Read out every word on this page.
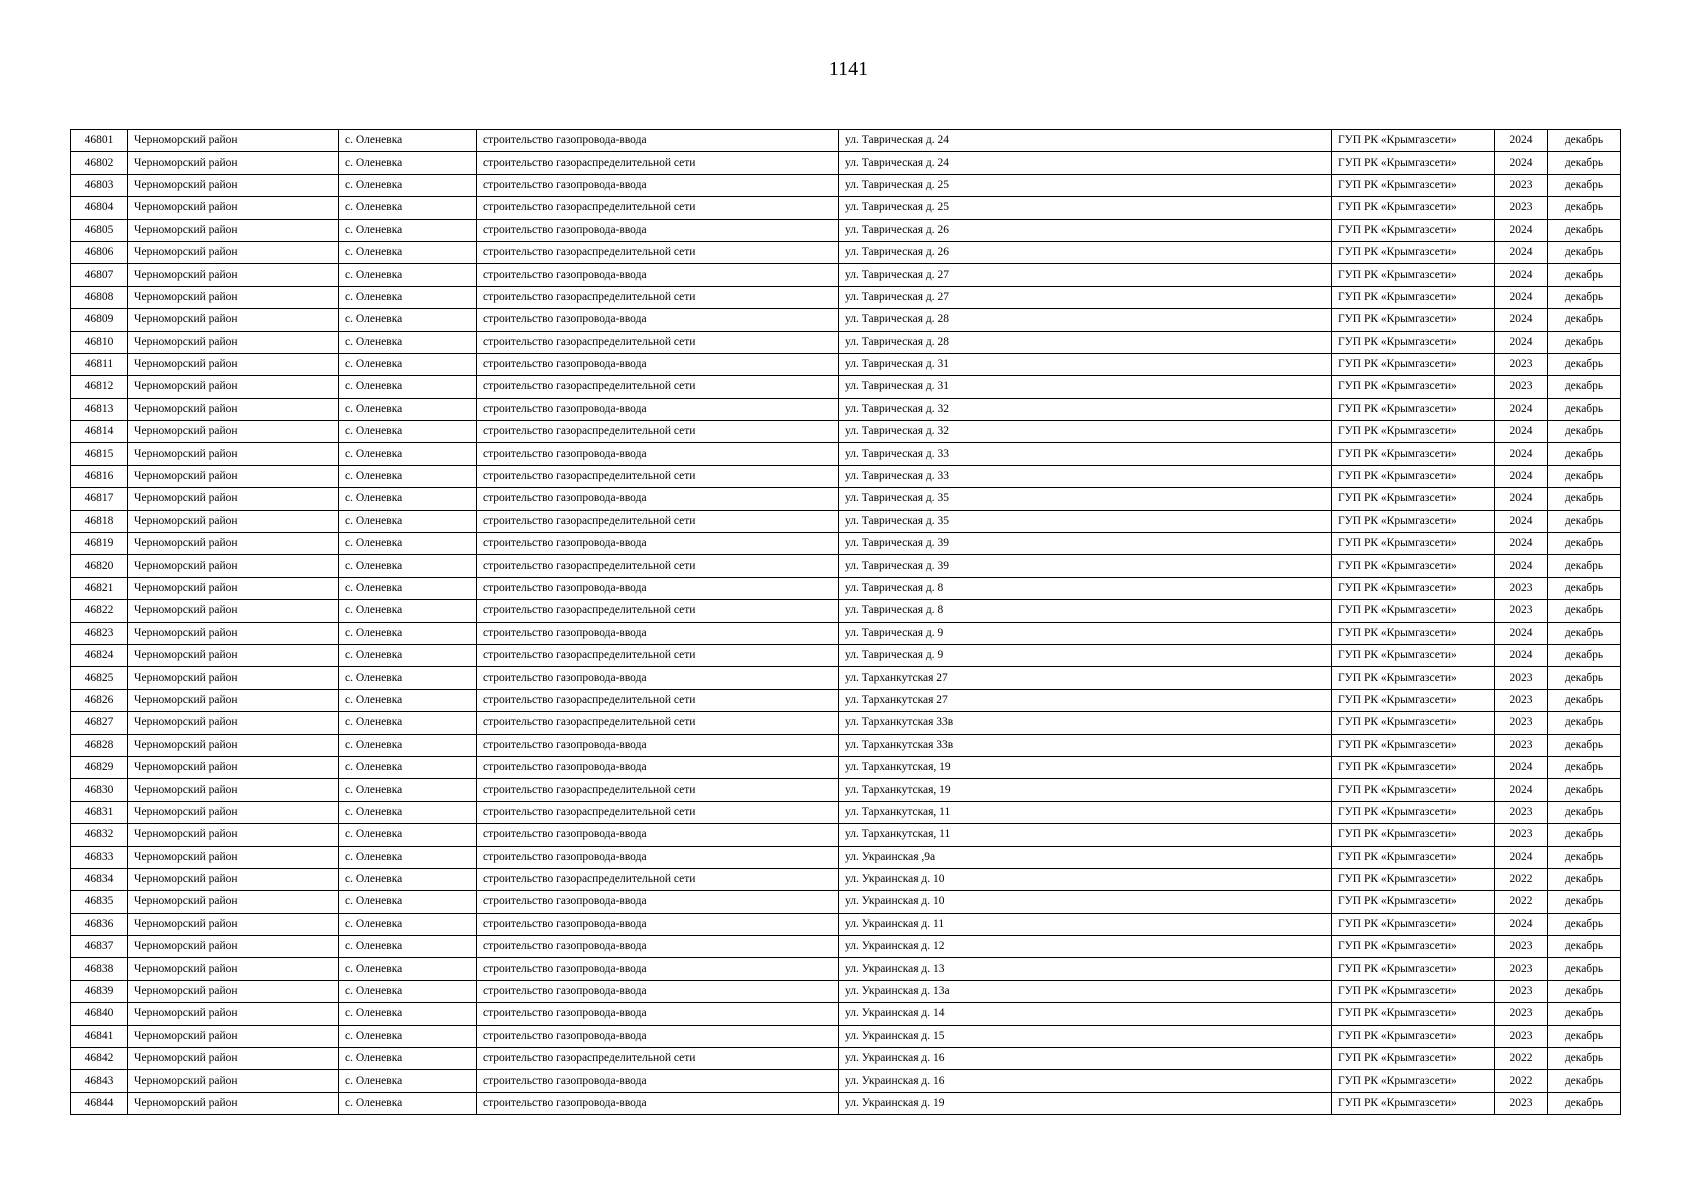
1141
46801	Черноморский район	с. Оленевка	строительство газопровода-ввода	ул. Таврическая д. 24	ГУП РК «Крымгазсети»	2024	декабрь
46802	Черноморский район	с. Оленевка	строительство газораспределительной сети	ул. Таврическая д. 24	ГУП РК «Крымгазсети»	2024	декабрь
46803	Черноморский район	с. Оленевка	строительство газопровода-ввода	ул. Таврическая д. 25	ГУП РК «Крымгазсети»	2023	декабрь
46804	Черноморский район	с. Оленевка	строительство газораспределительной сети	ул. Таврическая д. 25	ГУП РК «Крымгазсети»	2023	декабрь
46805	Черноморский район	с. Оленевка	строительство газопровода-ввода	ул. Таврическая д. 26	ГУП РК «Крымгазсети»	2024	декабрь
46806	Черноморский район	с. Оленевка	строительство газораспределительной сети	ул. Таврическая д. 26	ГУП РК «Крымгазсети»	2024	декабрь
46807	Черноморский район	с. Оленевка	строительство газопровода-ввода	ул. Таврическая д. 27	ГУП РК «Крымгазсети»	2024	декабрь
46808	Черноморский район	с. Оленевка	строительство газораспределительной сети	ул. Таврическая д. 27	ГУП РК «Крымгазсети»	2024	декабрь
46809	Черноморский район	с. Оленевка	строительство газопровода-ввода	ул. Таврическая д. 28	ГУП РК «Крымгазсети»	2024	декабрь
46810	Черноморский район	с. Оленевка	строительство газораспределительной сети	ул. Таврическая д. 28	ГУП РК «Крымгазсети»	2024	декабрь
46811	Черноморский район	с. Оленевка	строительство газопровода-ввода	ул. Таврическая д. 31	ГУП РК «Крымгазсети»	2023	декабрь
46812	Черноморский район	с. Оленевка	строительство газораспределительной сети	ул. Таврическая д. 31	ГУП РК «Крымгазсети»	2023	декабрь
46813	Черноморский район	с. Оленевка	строительство газопровода-ввода	ул. Таврическая д. 32	ГУП РК «Крымгазсети»	2024	декабрь
46814	Черноморский район	с. Оленевка	строительство газораспределительной сети	ул. Таврическая д. 32	ГУП РК «Крымгазсети»	2024	декабрь
46815	Черноморский район	с. Оленевка	строительство газопровода-ввода	ул. Таврическая д. 33	ГУП РК «Крымгазсети»	2024	декабрь
46816	Черноморский район	с. Оленевка	строительство газораспределительной сети	ул. Таврическая д. 33	ГУП РК «Крымгазсети»	2024	декабрь
46817	Черноморский район	с. Оленевка	строительство газопровода-ввода	ул. Таврическая д. 35	ГУП РК «Крымгазсети»	2024	декабрь
46818	Черноморский район	с. Оленевка	строительство газораспределительной сети	ул. Таврическая д. 35	ГУП РК «Крымгазсети»	2024	декабрь
46819	Черноморский район	с. Оленевка	строительство газопровода-ввода	ул. Таврическая д. 39	ГУП РК «Крымгазсети»	2024	декабрь
46820	Черноморский район	с. Оленевка	строительство газораспределительной сети	ул. Таврическая д. 39	ГУП РК «Крымгазсети»	2024	декабрь
46821	Черноморский район	с. Оленевка	строительство газопровода-ввода	ул. Таврическая д. 8	ГУП РК «Крымгазсети»	2023	декабрь
46822	Черноморский район	с. Оленевка	строительство газораспределительной сети	ул. Таврическая д. 8	ГУП РК «Крымгазсети»	2023	декабрь
46823	Черноморский район	с. Оленевка	строительство газопровода-ввода	ул. Таврическая д. 9	ГУП РК «Крымгазсети»	2024	декабрь
46824	Черноморский район	с. Оленевка	строительство газораспределительной сети	ул. Таврическая д. 9	ГУП РК «Крымгазсети»	2024	декабрь
46825	Черноморский район	с. Оленевка	строительство газопровода-ввода	ул. Тарханкутская 27	ГУП РК «Крымгазсети»	2023	декабрь
46826	Черноморский район	с. Оленевка	строительство газораспределительной сети	ул. Тарханкутская 27	ГУП РК «Крымгазсети»	2023	декабрь
46827	Черноморский район	с. Оленевка	строительство газораспределительной сети	ул. Тарханкутская 33в	ГУП РК «Крымгазсети»	2023	декабрь
46828	Черноморский район	с. Оленевка	строительство газопровода-ввода	ул. Тарханкутская 33в	ГУП РК «Крымгазсети»	2023	декабрь
46829	Черноморский район	с. Оленевка	строительство газопровода-ввода	ул. Тарханкутская, 19	ГУП РК «Крымгазсети»	2024	декабрь
46830	Черноморский район	с. Оленевка	строительство газораспределительной сети	ул. Тарханкутская, 19	ГУП РК «Крымгазсети»	2024	декабрь
46831	Черноморский район	с. Оленевка	строительство газораспределительной сети	ул. Тарханкутская, 11	ГУП РК «Крымгазсети»	2023	декабрь
46832	Черноморский район	с. Оленевка	строительство газопровода-ввода	ул. Тарханкутская, 11	ГУП РК «Крымгазсети»	2023	декабрь
46833	Черноморский район	с. Оленевка	строительство газопровода-ввода	ул. Украинская ,9а	ГУП РК «Крымгазсети»	2024	декабрь
46834	Черноморский район	с. Оленевка	строительство газораспределительной сети	ул. Украинская д. 10	ГУП РК «Крымгазсети»	2022	декабрь
46835	Черноморский район	с. Оленевка	строительство газопровода-ввода	ул. Украинская д. 10	ГУП РК «Крымгазсети»	2022	декабрь
46836	Черноморский район	с. Оленевка	строительство газопровода-ввода	ул. Украинская д. 11	ГУП РК «Крымгазсети»	2024	декабрь
46837	Черноморский район	с. Оленевка	строительство газопровода-ввода	ул. Украинская д. 12	ГУП РК «Крымгазсети»	2023	декабрь
46838	Черноморский район	с. Оленевка	строительство газопровода-ввода	ул. Украинская д. 13	ГУП РК «Крымгазсети»	2023	декабрь
46839	Черноморский район	с. Оленевка	строительство газопровода-ввода	ул. Украинская д. 13а	ГУП РК «Крымгазсети»	2023	декабрь
46840	Черноморский район	с. Оленевка	строительство газопровода-ввода	ул. Украинская д. 14	ГУП РК «Крымгазсети»	2023	декабрь
46841	Черноморский район	с. Оленевка	строительство газопровода-ввода	ул. Украинская д. 15	ГУП РК «Крымгазсети»	2023	декабрь
46842	Черноморский район	с. Оленевка	строительство газораспределительной сети	ул. Украинская д. 16	ГУП РК «Крымгазсети»	2022	декабрь
46843	Черноморский район	с. Оленевка	строительство газопровода-ввода	ул. Украинская д. 16	ГУП РК «Крымгазсети»	2022	декабрь
46844	Черноморский район	с. Оленевка	строительство газопровода-ввода	ул. Украинская д. 19	ГУП РК «Крымгазсети»	2023	декабрь
